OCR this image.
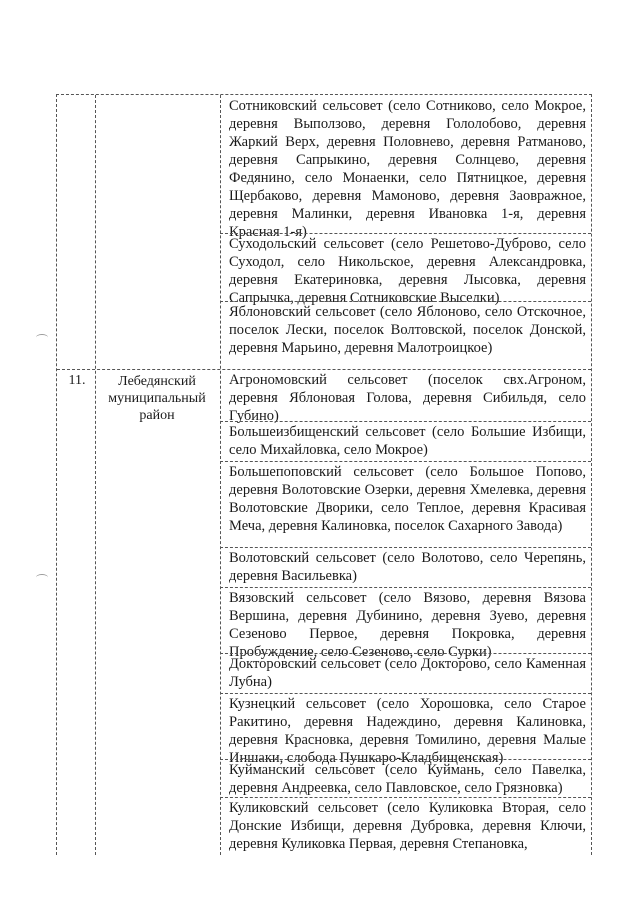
Сотниковский сельсовет (село Сотниково, село Мокрое, деревня Выползово, деревня Гололобово, деревня Жаркий Верх, деревня Половнево, деревня Ратманово, деревня Сапрыкино, деревня Солнцево, деревня Федянино, село Монаенки, село Пятницкое, деревня Щербаково, деревня Мамоново, деревня Заовражное, деревня Малинки, деревня Ивановка 1-я, деревня Красная 1-я)

Суходольский сельсовет (село Решетово-Дуброво, село Суходол, село Никольское, деревня Александровка, деревня Екатериновка, деревня Лысовка, деревня Сапрычка, деревня Сотниковские Выселки)

Яблоновский сельсовет (село Яблоново, село Отскочное, поселок Лески, поселок Волтовской, поселок Донской, деревня Марьино, деревня Малотроицкое)

11.	Лебедянский муниципальный район

Агрономовский сельсовет (поселок свх.Агроном, деревня Яблоновая Голова, деревня Сибильдя, село Губино)

Большеизбищенский сельсовет (село Большие Избищи, село Михайловка, село Мокрое)

Большепоповский сельсовет (село Большое Попово, деревня Волотовские Озерки, деревня Хмелевка, деревня Волотовские Дворики, село Теплое, деревня Красивая Меча, деревня Калиновка, поселок Сахарного Завода)

Волотовский сельсовет (село Волотово, село Черепянь, деревня Васильевка)

Вязовский сельсовет (село Вязово, деревня Вязова Вершина, деревня Дубинино, деревня Зуево, деревня Сезеново Первое, деревня Покровка, деревня Пробуждение, село Сезеново, село Сурки)

Докторовский сельсовет (село Докторово, село Каменная Лубна)

Кузнецкий сельсовет (село Хорошовка, село Старое Ракитино, деревня Надеждино, деревня Калиновка, деревня Красновка, деревня Томилино, деревня Малые Иншаки, слобода Пушкаро-Кладбищенская)

Куйманский сельсовет (село Куймань, село Павелка, деревня Андреевка, село Павловское, село Грязновка)

Куликовский сельсовет (село Куликовка Вторая, село Донские Избищи, деревня Дубровка, деревня Ключи, деревня Куликовка Первая, деревня Степановка,
